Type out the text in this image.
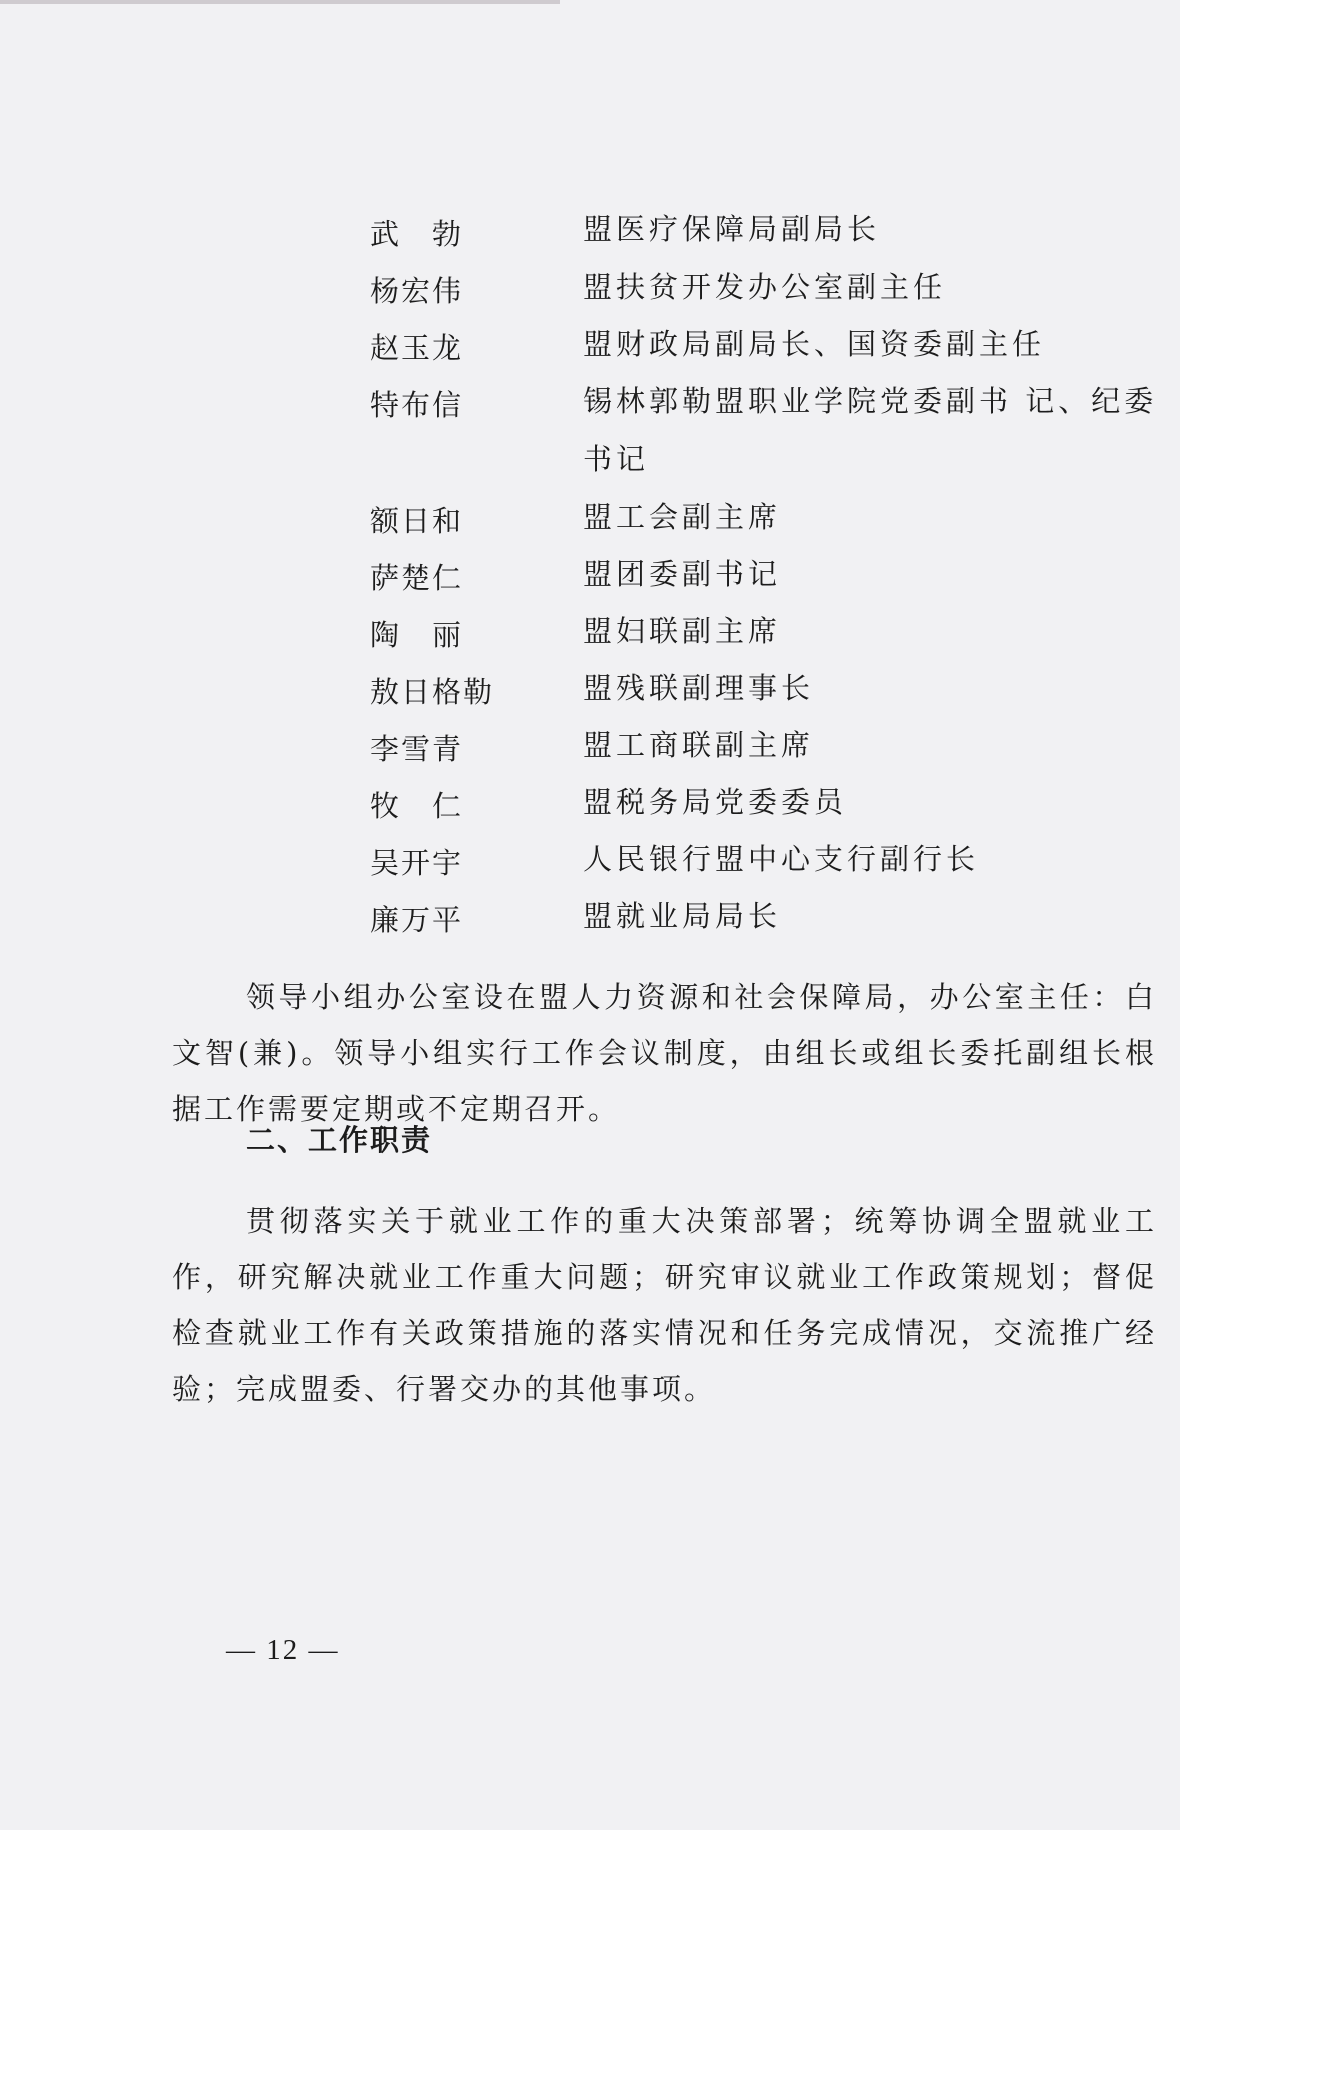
武　勃	盟医疗保障局副局长
杨宏伟	盟扶贫开发办公室副主任
赵玉龙	盟财政局副局长、国资委副主任
特布信	锡林郭勒盟职业学院党委副书 记、纪委书记
额日和	盟工会副主席
萨楚仁	盟团委副书记
陶　丽	盟妇联副主席
敖日格勒	盟残联副理事长
李雪青	盟工商联副主席
牧　仁	盟税务局党委委员
吴开宇	人民银行盟中心支行副行长
廉万平	盟就业局局长

领导小组办公室设在盟人力资源和社会保障局，办公室主任：白文智(兼)。领导小组实行工作会议制度，由组长或组长委托副组长根据工作需要定期或不定期召开。

二、工作职责

贯彻落实关于就业工作的重大决策部署；统筹协调全盟就业工作，研究解决就业工作重大问题；研究审议就业工作政策规划；督促检查就业工作有关政策措施的落实情况和任务完成情况，交流推广经验；完成盟委、行署交办的其他事项。

— 12 —
